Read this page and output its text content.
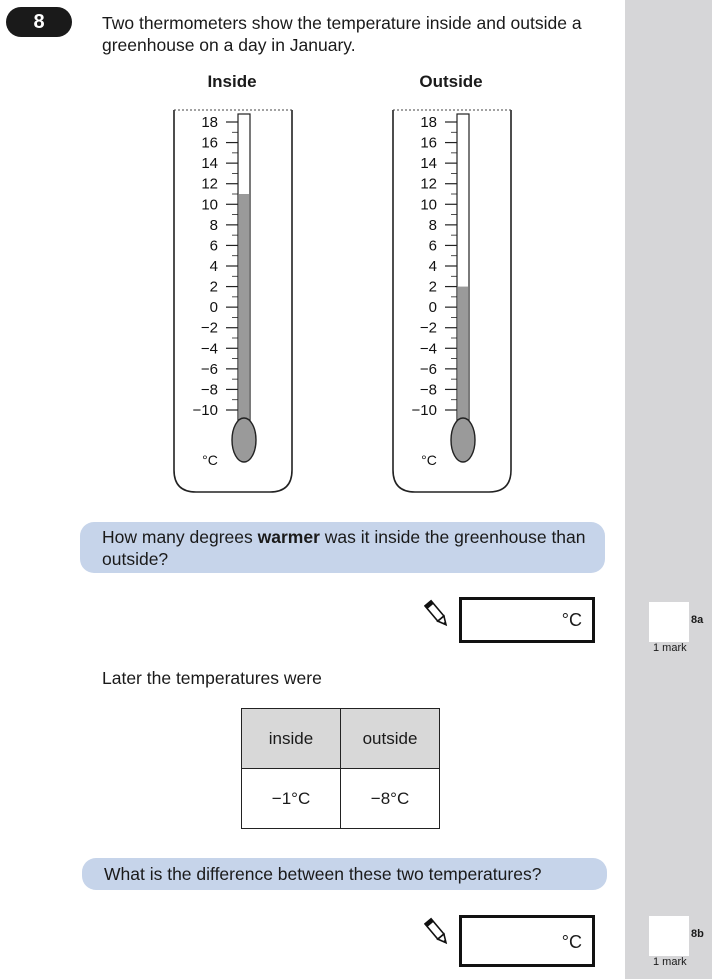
8	Two thermometers show the temperature inside and outside a greenhouse on a day in January.
Inside	Outside
18
16
14
12
10
8
6
4
2
0
−2
−4
−6
−8
−10
°C
18
16
14
12
10
8
6
4
2
0
−2
−4
−6
−8
−10
°C
How many degrees warmer was it inside the greenhouse than outside?
°C	8a
1 mark
Later the temperatures were
inside	outside
−1°C	−8°C
What is the difference between these two temperatures?
°C	8b
1 mark
